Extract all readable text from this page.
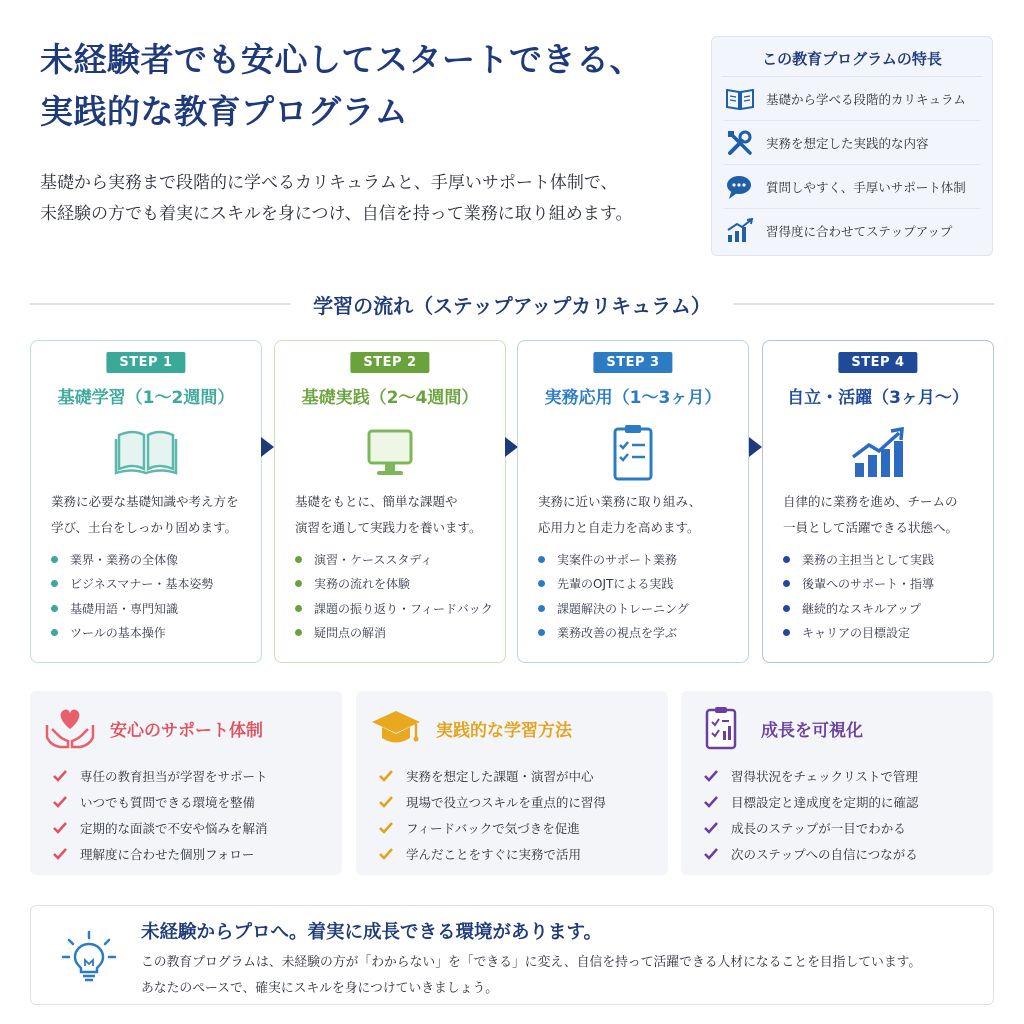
未経験者でも安心してスタートできる、
実践的な教育プログラム

基礎から実務まで段階的に学べるカリキュラムと、手厚いサポート体制で、
未経験の方でも着実にスキルを身につけ、自信を持って業務に取り組めます。

この教育プログラムの特長
基礎から学べる段階的カリキュラム
実務を想定した実践的な内容
質問しやすく、手厚いサポート体制
習得度に合わせてステップアップ
学習の流れ（ステップアップカリキュラム）
STEP 1
基礎学習（1〜2週間）
業務に必要な基礎知識や考え方を
学び、土台をしっかり固めます。
業界・業務の全体像
ビジネスマナー・基本姿勢
基礎用語・専門知識
ツールの基本操作
STEP 2
基礎実践（2〜4週間）
基礎をもとに、簡単な課題や
演習を通して実践力を養います。
演習・ケーススタディ
実務の流れを体験
課題の振り返り・フィードバック
疑問点の解消
STEP 3
実務応用（1〜3ヶ月）
実務に近い業務に取り組み、
応用力と自走力を高めます。
実案件のサポート業務
先輩のOJTによる実践
課題解決のトレーニング
業務改善の視点を学ぶ
STEP 4
自立・活躍（3ヶ月〜）
自律的に業務を進め、チームの
一員として活躍できる状態へ。
業務の主担当として実践
後輩へのサポート・指導
継続的なスキルアップ
キャリアの目標設定
安心のサポート体制
専任の教育担当が学習をサポート
いつでも質問できる環境を整備
定期的な面談で不安や悩みを解消
理解度に合わせた個別フォロー
実践的な学習方法
実務を想定した課題・演習が中心
現場で役立つスキルを重点的に習得
フィードバックで気づきを促進
学んだことをすぐに実務で活用
成長を可視化
習得状況をチェックリストで管理
目標設定と達成度を定期的に確認
成長のステップが一目でわかる
次のステップへの自信につながる
未経験からプロへ。着実に成長できる環境があります。

この教育プログラムは、未経験の方が「わからない」を「できる」に変え、自信を持って活躍できる人材になることを目指しています。
あなたのペースで、確実にスキルを身につけていきましょう。
